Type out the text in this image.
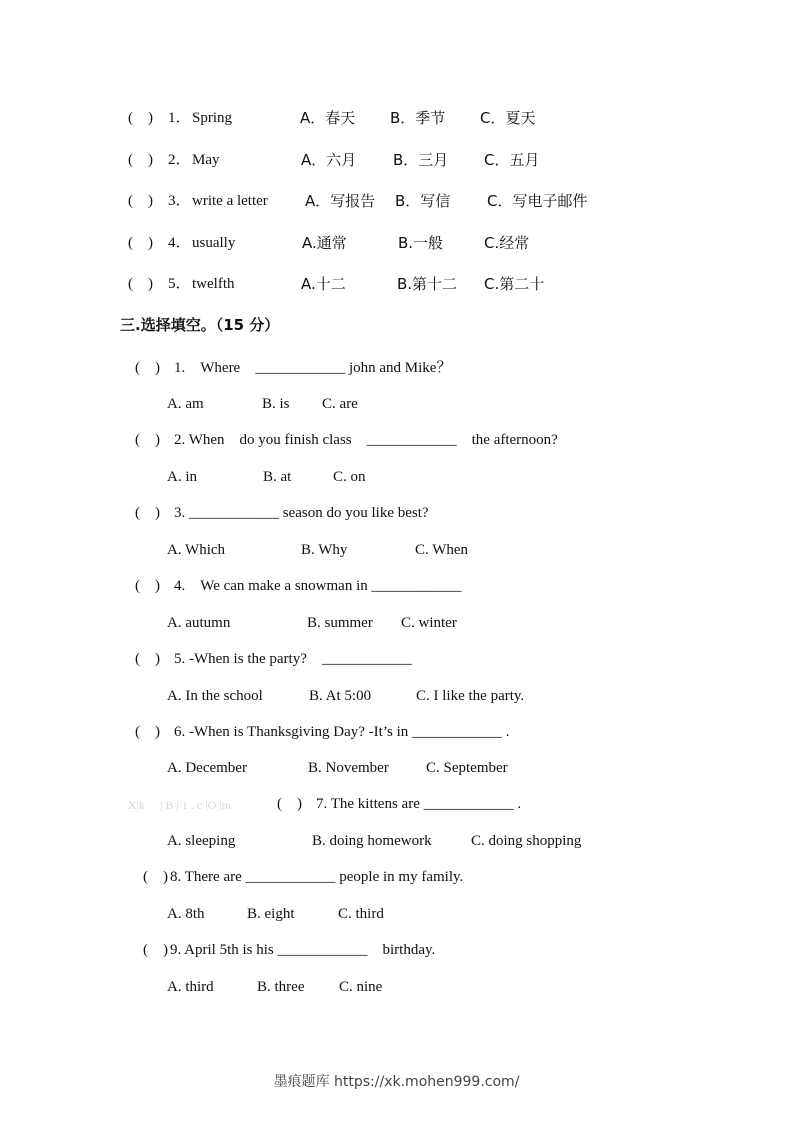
(　) 1． Spring	A．春天 B．季节 C．夏天
(　) 2． May	A．六月 B．三月 C．五月
(　) 3． write a letter A．写报告 B．写信 C．写电子邮件
(　) 4． usually	A.通常	B.一般	C.经常
(　) 5． twelfth	A.十二	B.第十二 C.第二十
三.选择填空。（15 分）
(　) 1.　Where　____________ john and Mike？
A. am	B. is C. are
(　) 2. When　do you finish class　____________　the afternoon?
A. in	B. at	C. on
(　) 3. ____________ season do you like best?
A. Which	B. Why	C. When
(　) 4.　We can make a snowman in ____________
A. autumn	B. summer C. winter
(　) 5. -When is the party?　____________
A. In the school	B. At 5:00	C. I like the party.
(　) 6. -When is Thanksgiving Day? -It’s in ____________ .
A. December	B. November C. September
X|k　 | B | 1 . c |O |m	(　) 7. The kittens are ____________ .
A. sleeping	B. doing homework	C. doing shopping
(　) 8. There are ____________ people in my family.
A. 8th	B. eight	C. third
(　) 9. April 5th is his ____________　birthday.
A. third	B. three C. nine
墨痕题库 https://xk.mohen999.com/
